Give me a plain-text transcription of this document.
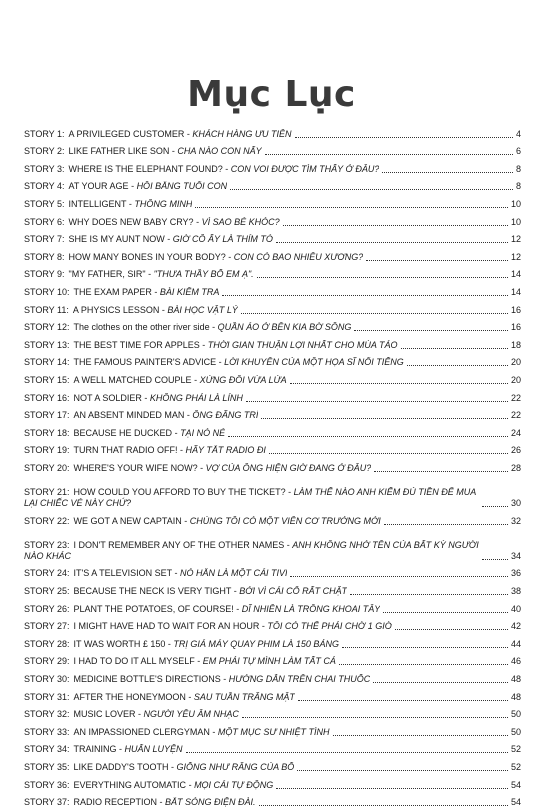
Mục Lục
STORY 1: A PRIVILEGED CUSTOMER - KHÁCH HÀNG ƯU TIÊN	4
STORY 2: LIKE FATHER LIKE SON - CHA NÀO CON NẤY	6
STORY 3: WHERE IS THE ELEPHANT FOUND? - CON VOI ĐƯỢC TÌM THẤY Ở ĐÂU?	8
STORY 4: AT YOUR AGE - HỒI BẰNG TUỔI CON	8
STORY 5: INTELLIGENT - THÔNG MINH	10
STORY 6: WHY DOES NEW BABY CRY? - VÌ SAO BÉ KHÓC?	10
STORY 7: SHE IS MY AUNT NOW - GIỜ CÔ ẤY LÀ THÍM TỚ	12
STORY 8: HOW MANY BONES IN YOUR BODY? - CON CÓ BAO NHIÊU XƯƠNG?	12
STORY 9: "MY FATHER, SIR" - "THƯA THẦY BỐ EM Ạ".	14
STORY 10: THE EXAM PAPER - BÀI KIỂM TRA	14
STORY 11: A PHYSICS LESSON - BÀI HỌC VẬT LÝ	16
STORY 12: The clothes on the other river side - QUẦN ÁO Ở BÊN KIA BỜ SÔNG	16
STORY 13: THE BEST TIME FOR APPLES - THỜI GIAN THUẬN LỢI NHẤT CHO MÙA TÁO	18
STORY 14: THE FAMOUS PAINTER'S ADVICE - LỜI KHUYÊN CỦA MỘT HỌA SĨ NỔI TIẾNG	20
STORY 15: A WELL MATCHED COUPLE - XỨNG ĐÔI VỪA LỨA	20
STORY 16: NOT A SOLDIER - KHÔNG PHẢI LÀ LÍNH	22
STORY 17: AN ABSENT MINDED MAN - ÔNG ĐÃNG TRÍ	22
STORY 18: BECAUSE HE DUCKED - TẠI NÓ NÉ	24
STORY 19: TURN THAT RADIO OFF! - HÃY TẮT RADIO ĐI	26
STORY 20: WHERE'S YOUR WIFE NOW? - VỢ CỦA ÔNG HIỆN GIỜ ĐANG Ở ĐÂU?	28
STORY 21: HOW COULD YOU AFFORD TO BUY THE TICKET? - LÀM THẾ NÀO ANH KIẾM ĐỦ TIỀN ĐỂ MUA LẠI CHIẾC VÉ NÀY CHỨ?	30
STORY 22: WE GOT A NEW CAPTAIN - CHÚNG TÔI CÓ MỘT VIÊN CƠ TRƯỞNG MỚI	32
STORY 23: I DON'T REMEMBER ANY OF THE OTHER NAMES - ANH KHÔNG NHỚ TÊN CỦA BẤT KỲ NGƯỜI NÀO KHÁC	34
STORY 24: IT'S A TELEVISION SET - NÓ HẲN LÀ MỘT CÁI TIVI	36
STORY 25: BECAUSE THE NECK IS VERY TIGHT - BỞI VÌ CÁI CỔ RẤT CHẶT	38
STORY 26: PLANT THE POTATOES, OF COURSE! - DĨ NHIÊN LÀ TRỒNG KHOAI TÂY	40
STORY 27: I MIGHT HAVE HAD TO WAIT FOR AN HOUR - TÔI CÓ THỂ PHẢI CHỜ 1 GIỜ	42
STORY 28: IT WAS WORTH £ 150 - TRỊ GIÁ MÁY QUAY PHIM LÀ 150 BẢNG	44
STORY 29: I HAD TO DO IT ALL MYSELF - EM PHẢI TỰ MÌNH LÀM TẤT CẢ	46
STORY 30: MEDICINE BOTTLE'S DIRECTIONS - HƯỚNG DẪN TRÊN CHAI THUỐC	48
STORY 31: AFTER THE HONEYMOON - SAU TUẦN TRĂNG MẬT	48
STORY 32: MUSIC LOVER - NGƯỜI YÊU ÂM NHẠC	50
STORY 33: AN IMPASSIONED CLERGYMAN - MỘT MỤC SƯ NHIỆT TÌNH	50
STORY 34: TRAINING - HUẤN LUYỆN	52
STORY 35: LIKE DADDY'S TOOTH - GIỐNG NHƯ RĂNG CỦA BỐ	52
STORY 36: EVERYTHING AUTOMATIC - MỌI CÁI TỰ ĐỘNG	54
STORY 37: RADIO RECEPTION - BẮT SÓNG ĐIỆN ĐÀI.	54
